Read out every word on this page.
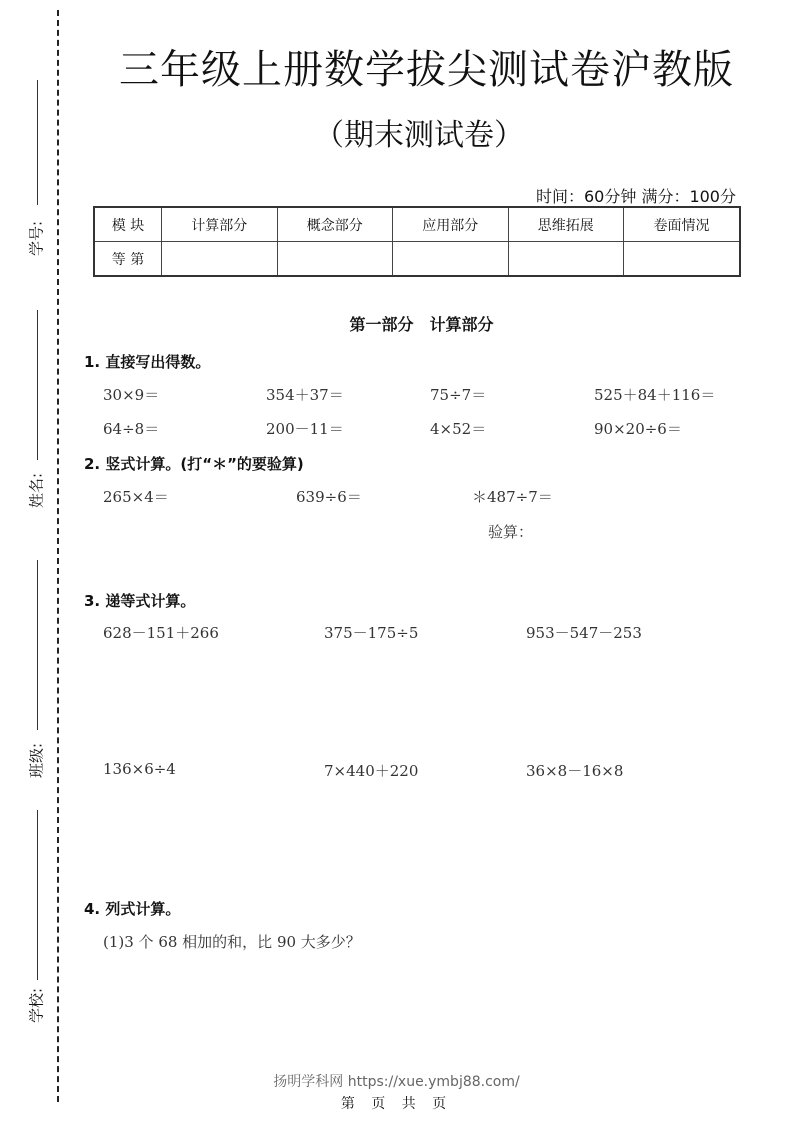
学号:
姓名:
班级:
学校:
三年级上册数学拔尖测试卷沪教版
（期末测试卷）
时间：60分钟 满分：100分
模 块	计算部分	概念部分	应用部分	思维拓展	卷面情况
等 第					
第一部分　计算部分
1. 直接写出得数。
30×9＝	354＋37＝	75÷7＝	525＋84＋116＝
64÷8＝	200－11＝	4×52＝	90×20÷6＝
2. 竖式计算。(打“＊”的要验算)
265×4＝	639÷6＝	＊487÷7＝
验算：
3. 递等式计算。
628－151＋266	375－175÷5	953－547－253
136×6÷4	7×440＋220	36×8－16×8
4. 列式计算。
(1)3 个 68 相加的和，比 90 大多少？
扬明学科网 https://xue.ymbj88.com/
第 页 共 页
